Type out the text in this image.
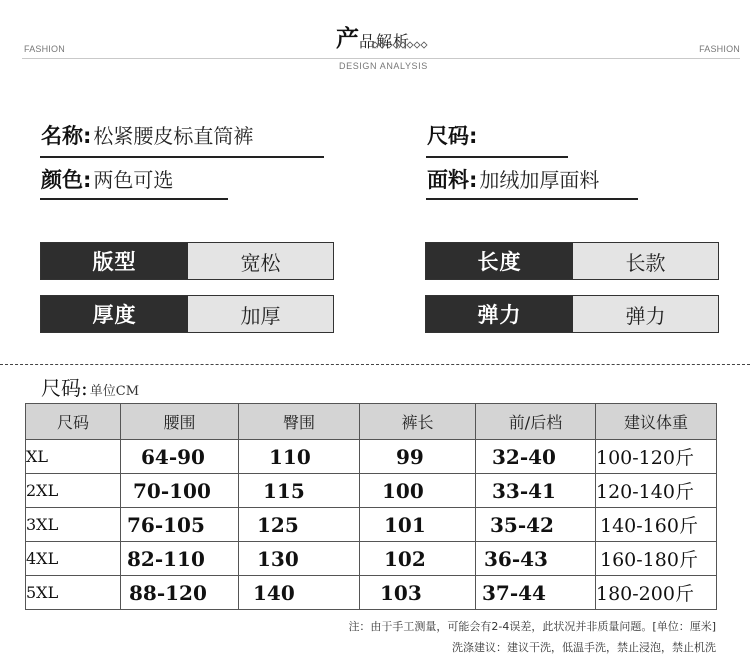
FASHION	FASHION
产 品解析
DESIGN ANALYSIS
名称: 松紧腰皮标直筒裤
颜色: 两色可选
尺码:
面料: 加绒加厚面料
版型	宽松
厚度	加厚
长度	长款
弹力	弹力
尺码: 单位CM
尺码	腰围	臀围	裤长	前/后档	建议体重
XL	64-90	110	99	32-40	100-120斤
2XL	70-100	115	100	33-41	120-140斤
3XL	76-105	125	101	35-42	140-160斤
4XL	82-110	130	102	36-43	160-180斤
5XL	88-120	140	103	37-44	180-200斤
注：由于手工测量，可能会有2-4误差，此状况并非质量问题。[单位：厘米]
洗涤建议：建议干洗，低温手洗，禁止浸泡，禁止机洗
